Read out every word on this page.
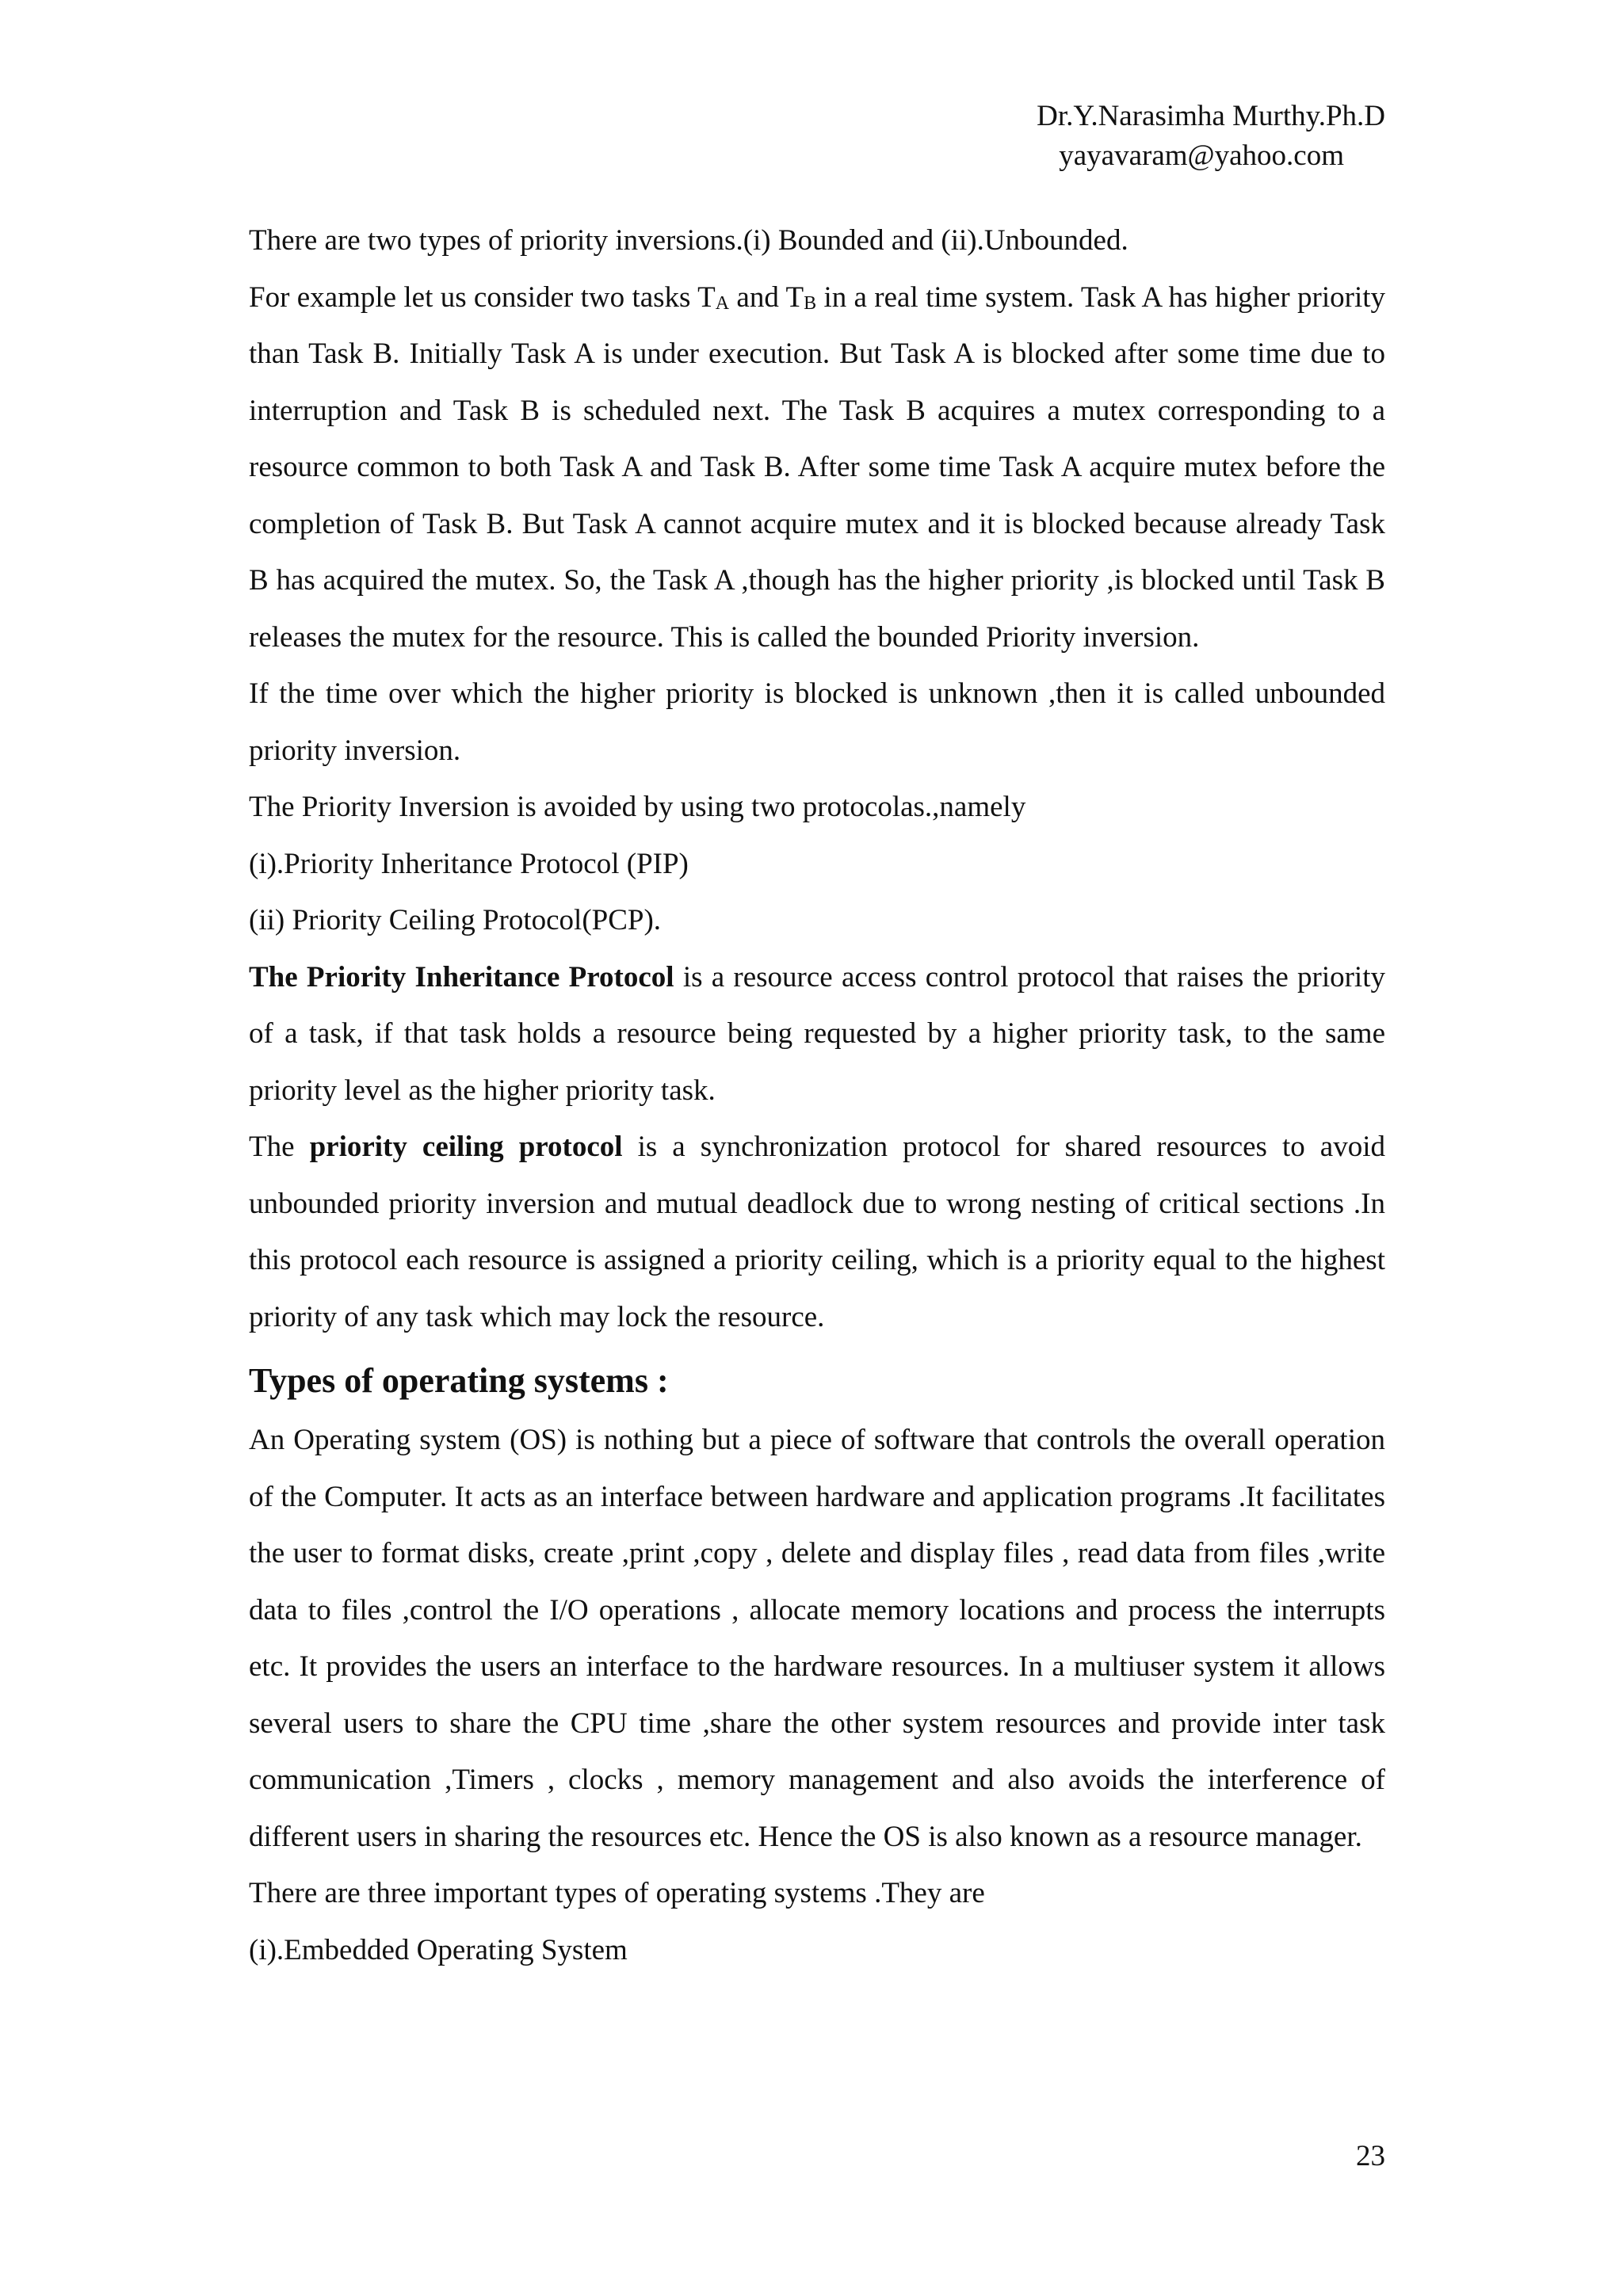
Dr.Y.Narasimha Murthy.Ph.D

yayavaram@yahoo.com

There are two types of priority inversions.(i) Bounded and (ii).Unbounded.

For example let us consider two tasks $T_A$ and $T_B$ in a real time system. Task A has higher priority than Task B. Initially Task A is under execution. But Task A is blocked after some time due to interruption and Task B is scheduled next. The Task B acquires a mutex corresponding to a resource common to both Task A and Task B. After some time Task A acquire mutex before the completion of Task B. But Task A cannot acquire mutex and it is blocked because already Task B has acquired the mutex. So, the Task A ,though has the higher priority ,is blocked until Task B releases the mutex for the resource. This is called the bounded Priority inversion.

If the time over which the higher priority is blocked is unknown ,then it is called unbounded priority inversion.

The Priority Inversion is avoided by using two protocolas.,namely

(i).Priority Inheritance Protocol (PIP)

(ii) Priority Ceiling Protocol(PCP).

The Priority Inheritance Protocol is a resource access control protocol that raises the priority of a task, if that task holds a resource being requested by a higher priority task, to the same priority level as the higher priority task.

The priority ceiling protocol is a synchronization protocol for shared resources to avoid unbounded priority inversion and mutual deadlock due to wrong nesting of critical sections .In this protocol each resource is assigned a priority ceiling, which is a priority equal to the highest priority of any task which may lock the resource.

Types of operating systems :

An Operating system (OS) is nothing but a piece of software that controls the overall operation of the Computer. It acts as an interface between hardware and application programs .It facilitates the user to format disks, create ,print ,copy , delete and display files , read data from files ,write data to files ,control the I/O operations , allocate memory locations and process the interrupts etc. It provides the users an interface to the hardware resources. In a multiuser system it allows several users to share the CPU time ,share the other system resources and provide inter task communication ,Timers , clocks , memory management and also avoids the interference of different users in sharing the resources etc. Hence the OS is also known as a resource manager.

There are three important types of operating systems .They are

(i).Embedded Operating System

23
